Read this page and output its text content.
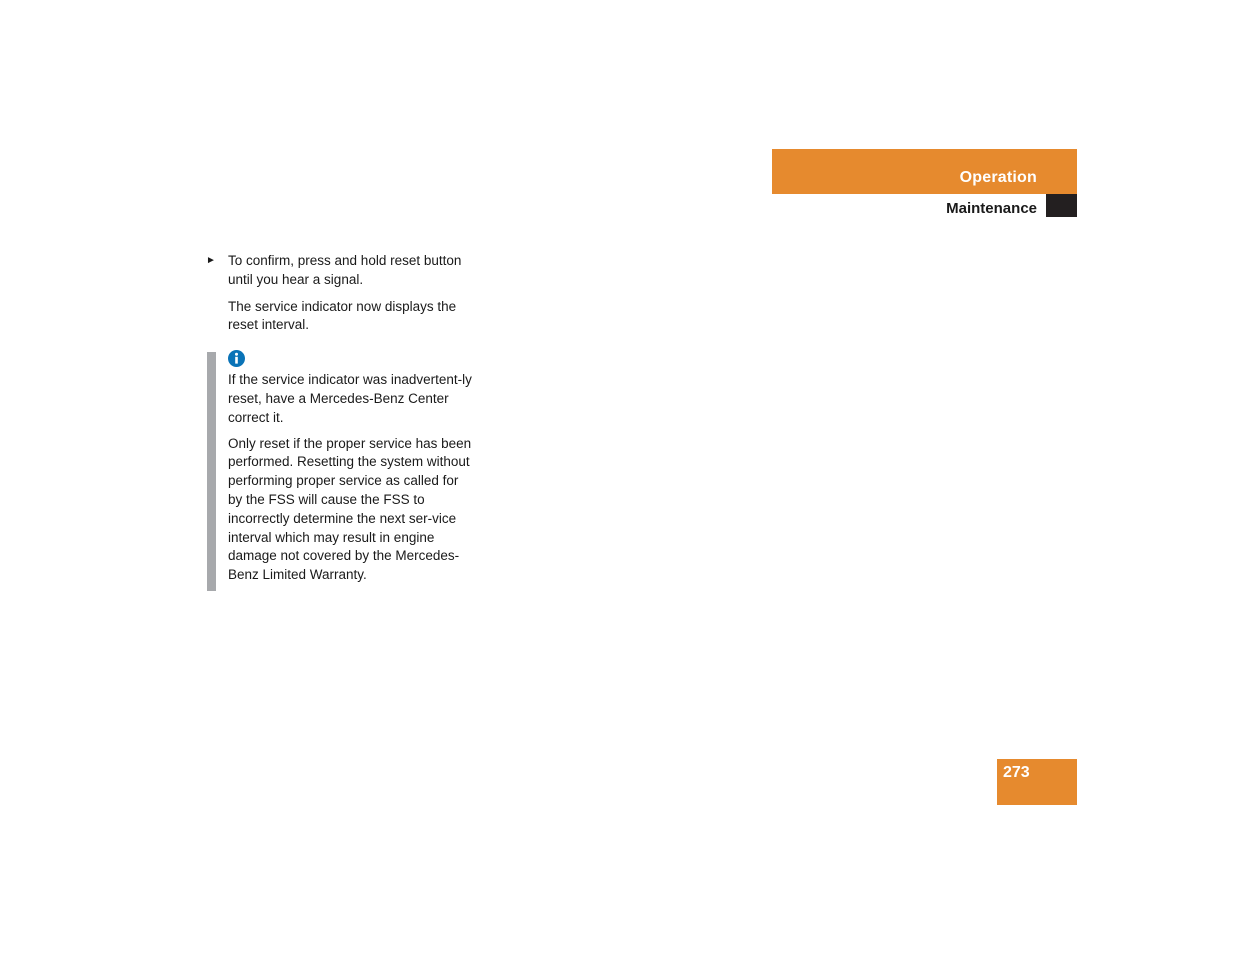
Operation
Maintenance
► To confirm, press and hold reset button until you hear a signal.
The service indicator now displays the reset interval.

If the service indicator was inadvertent-ly reset, have a Mercedes-Benz Center correct it.

Only reset if the proper service has been performed. Resetting the system without performing proper service as called for by the FSS will cause the FSS to incorrectly determine the next ser-vice interval which may result in engine damage not covered by the Mercedes-Benz Limited Warranty.

273
